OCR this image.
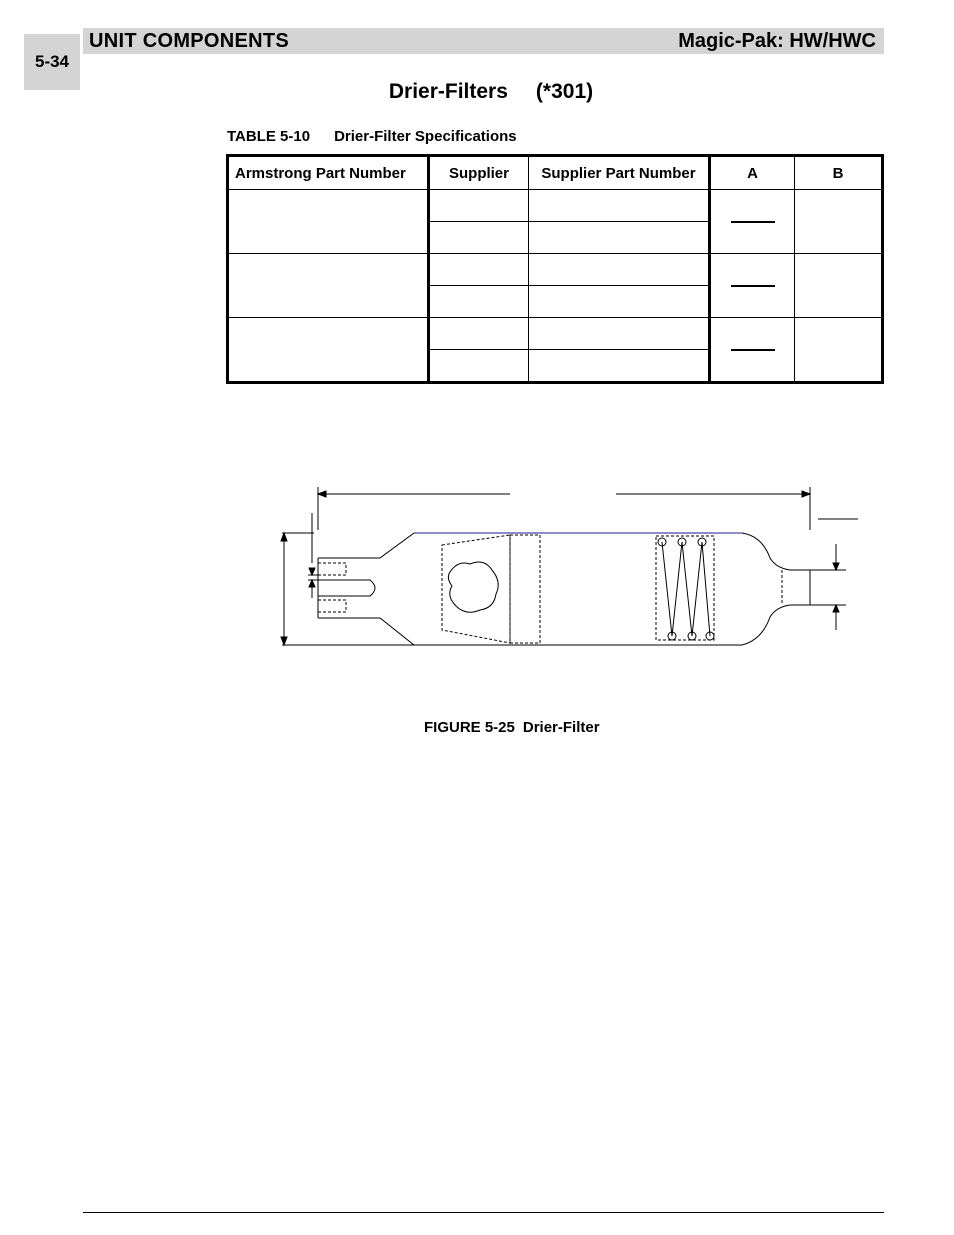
5-34
UNIT COMPONENTS	Magic-Pak: HW/HWC
Drier-Filters (*301)
TABLE 5-10 Drier-Filter Specifications
Armstrong Part Number	Supplier	Supplier Part Number	A	B

FIGURE 5-25 Drier-Filter
